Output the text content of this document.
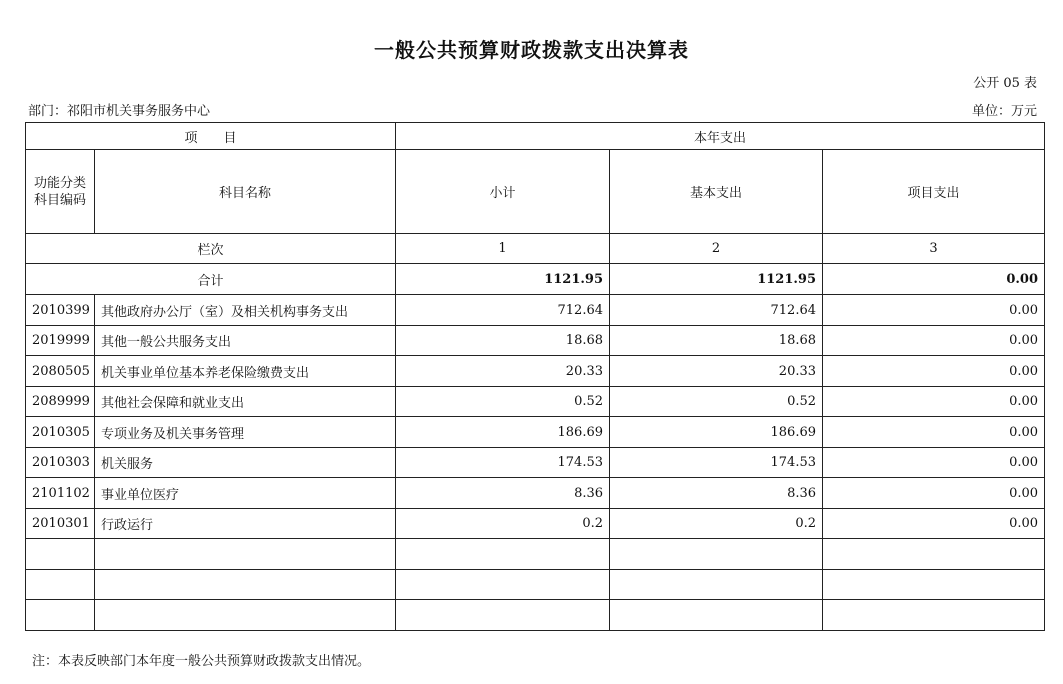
一般公共预算财政拨款支出决算表
公开 05 表
部门：祁阳市机关事务服务中心	单位：万元
项　　目		本年支出		
功能分类科目编码	科目名称	小计	基本支出	项目支出
栏次		1	2	3
合计		1121.95	1121.95	0.00
2010399	其他政府办公厅（室）及相关机构事务支出	712.64	712.64	0.00
2019999	其他一般公共服务支出	18.68	18.68	0.00
2080505	机关事业单位基本养老保险缴费支出	20.33	20.33	0.00
2089999	其他社会保障和就业支出	0.52	0.52	0.00
2010305	专项业务及机关事务管理	186.69	186.69	0.00
2010303	机关服务	174.53	174.53	0.00
2101102	事业单位医疗	8.36	8.36	0.00
2010301	行政运行	0.2	0.2	0.00

注：本表反映部门本年度一般公共预算财政拨款支出情况。
